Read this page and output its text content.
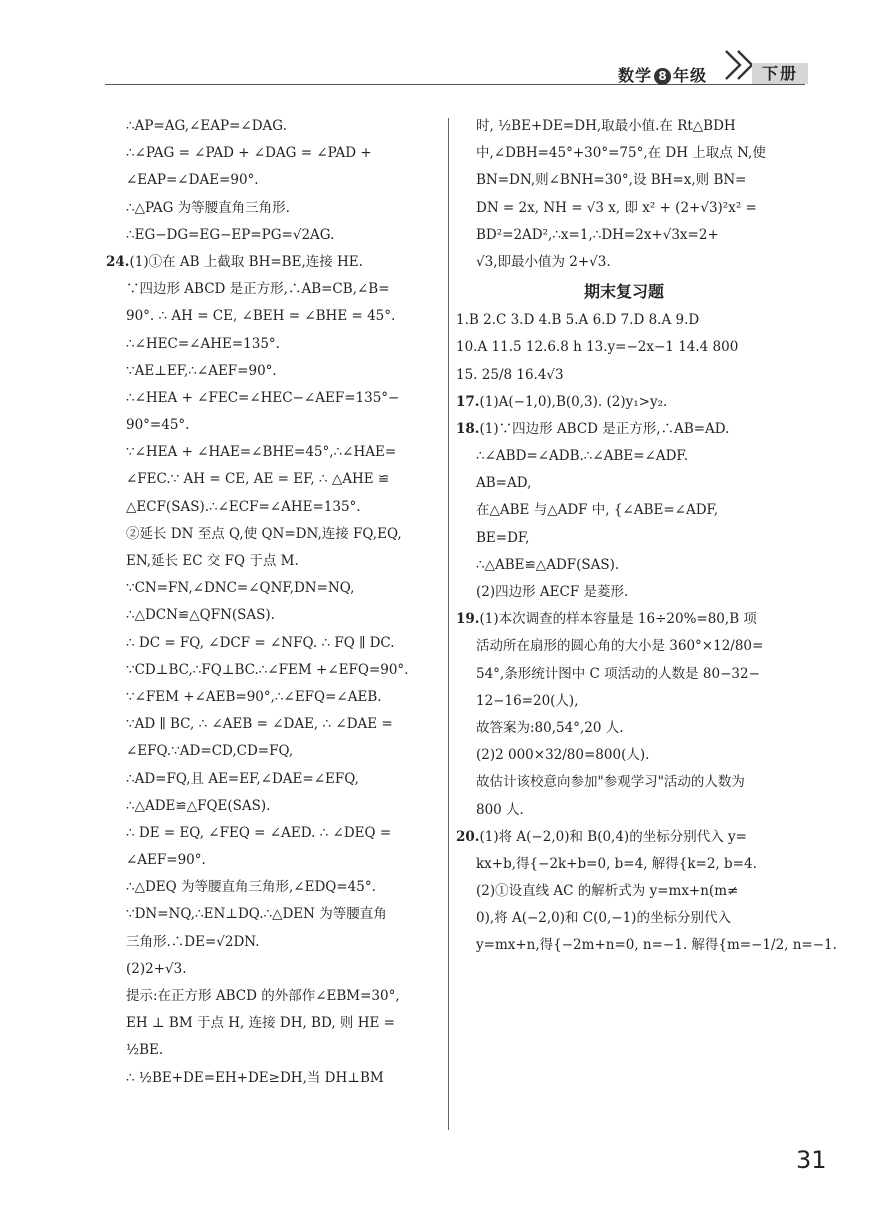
数学 8 年级	下册
∴AP=AG,∠EAP=∠DAG.
∴∠PAG = ∠PAD + ∠DAG = ∠PAD +
∠EAP=∠DAE=90°.
∴△PAG 为等腰直角三角形.
∴EG−DG=EG−EP=PG=√2AG.
24.(1)①在 AB 上截取 BH=BE,连接 HE.
∵四边形 ABCD 是正方形,∴AB=CB,∠B=
90°. ∴ AH = CE, ∠BEH = ∠BHE = 45°.
∴∠HEC=∠AHE=135°.
∵AE⊥EF,∴∠AEF=90°.
∴∠HEA + ∠FEC=∠HEC−∠AEF=135°−
90°=45°.
∵∠HEA + ∠HAE=∠BHE=45°,∴∠HAE=
∠FEC.∵ AH = CE, AE = EF, ∴ △AHE ≌
△ECF(SAS).∴∠ECF=∠AHE=135°.
②延长 DN 至点 Q,使 QN=DN,连接 FQ,EQ,
EN,延长 EC 交 FQ 于点 M.
∵CN=FN,∠DNC=∠QNF,DN=NQ,
∴△DCN≌△QFN(SAS).
∴ DC = FQ, ∠DCF = ∠NFQ. ∴ FQ ∥ DC.
∵CD⊥BC,∴FQ⊥BC.∴∠FEM +∠EFQ=90°.
∵∠FEM +∠AEB=90°,∴∠EFQ=∠AEB.
∵AD ∥ BC, ∴ ∠AEB = ∠DAE, ∴ ∠DAE =
∠EFQ.∵AD=CD,CD=FQ,
∴AD=FQ,且 AE=EF,∠DAE=∠EFQ,
∴△ADE≌△FQE(SAS).
∴ DE = EQ, ∠FEQ = ∠AED. ∴ ∠DEQ =
∠AEF=90°.
∴△DEQ 为等腰直角三角形,∠EDQ=45°.
∵DN=NQ,∴EN⊥DQ.∴△DEN 为等腰直角
三角形.∴DE=√2DN.
(2)2+√3.
提示:在正方形 ABCD 的外部作∠EBM=30°,
EH ⊥ BM 于点 H, 连接 DH, BD, 则 HE =
½BE.
∴ ½BE+DE=EH+DE≥DH,当 DH⊥BM
时, ½BE+DE=DH,取最小值.在 Rt△BDH
中,∠DBH=45°+30°=75°,在 DH 上取点 N,使
BN=DN,则∠BNH=30°,设 BH=x,则 BN=
DN = 2x, NH = √3 x, 即 x² + (2+√3)²x² =
BD²=2AD²,∴x=1,∴DH=2x+√3x=2+
√3,即最小值为 2+√3.
期末复习题
1.B 2.C 3.D 4.B 5.A 6.D 7.D 8.A 9.D
10.A 11.5 12.6.8 h 13.y=−2x−1 14.4 800
15. 25/8 16.4√3
17.(1)A(−1,0),B(0,3). (2)y₁>y₂.
18.(1)∵四边形 ABCD 是正方形,∴AB=AD.
∴∠ABD=∠ADB.∴∠ABE=∠ADF.
AB=AD,
在△ABE 与△ADF 中, {∠ABE=∠ADF,
BE=DF,
∴△ABE≌△ADF(SAS).
(2)四边形 AECF 是菱形.
19.(1)本次调查的样本容量是 16÷20%=80,B 项
活动所在扇形的圆心角的大小是 360°×12/80=
54°,条形统计图中 C 项活动的人数是 80−32−
12−16=20(人),
故答案为:80,54°,20 人.
(2)2 000×32/80=800(人).
故估计该校意向参加"参观学习"活动的人数为
800 人.
20.(1)将 A(−2,0)和 B(0,4)的坐标分别代入 y=
kx+b,得{−2k+b=0, b=4, 解得{k=2, b=4.
(2)①设直线 AC 的解析式为 y=mx+n(m≠
0),将 A(−2,0)和 C(0,−1)的坐标分别代入
y=mx+n,得{−2m+n=0, n=−1. 解得{m=−1/2, n=−1.
31
